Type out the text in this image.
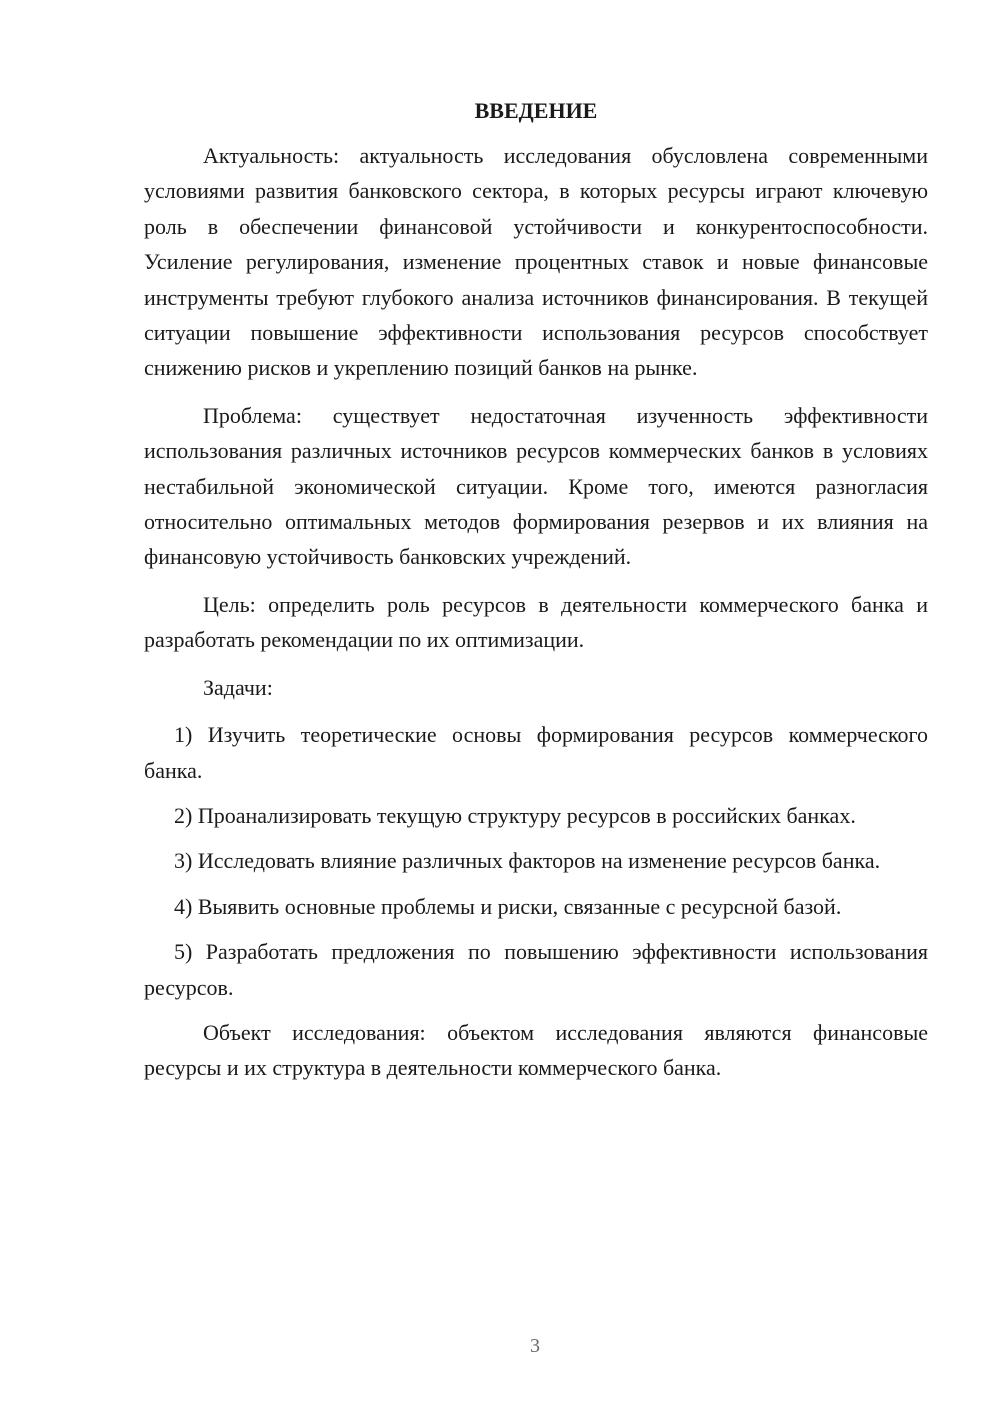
ВВЕДЕНИЕ

Актуальность: актуальность исследования обусловлена современными условиями развития банковского сектора, в которых ресурсы играют ключевую роль в обеспечении финансовой устойчивости и конкурентоспособности. Усиление регулирования, изменение процентных ставок и новые финансовые инструменты требуют глубокого анализа источников финансирования. В текущей ситуации повышение эффективности использования ресурсов способствует снижению рисков и укреплению позиций банков на рынке.

Проблема: существует недостаточная изученность эффективности использования различных источников ресурсов коммерческих банков в условиях нестабильной экономической ситуации. Кроме того, имеются разногласия относительно оптимальных методов формирования резервов и их влияния на финансовую устойчивость банковских учреждений.

Цель: определить роль ресурсов в деятельности коммерческого банка и разработать рекомендации по их оптимизации.

Задачи:

1) Изучить теоретические основы формирования ресурсов коммерческого банка.

2) Проанализировать текущую структуру ресурсов в российских банках.

3) Исследовать влияние различных факторов на изменение ресурсов банка.

4) Выявить основные проблемы и риски, связанные с ресурсной базой.

5) Разработать предложения по повышению эффективности использования ресурсов.

Объект исследования: объектом исследования являются финансовые ресурсы и их структура в деятельности коммерческого банка.

3
